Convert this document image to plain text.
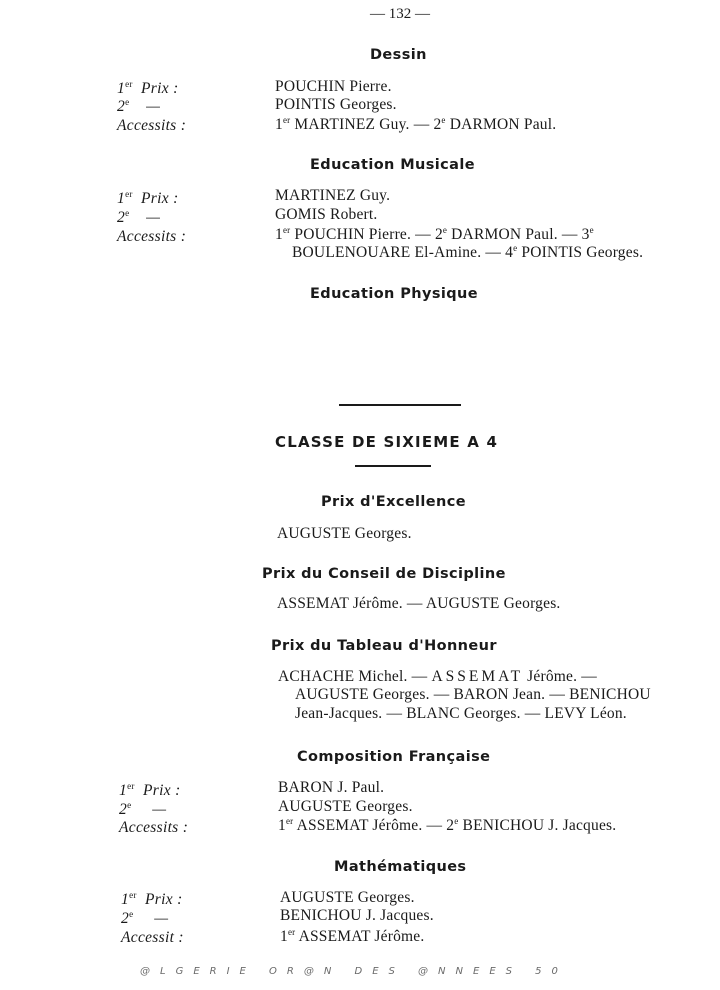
— 132 —
Dessin
1er Prix :
2e —
Accessits :
POUCHIN Pierre.
POINTIS Georges.
1er MARTINEZ Guy. — 2e DARMON Paul.
Education Musicale
1er Prix :
2e —
Accessits :
MARTINEZ Guy.
GOMIS Robert.
1er POUCHIN Pierre. — 2e DARMON Paul. — 3e
BOULENOUARE El-Amine. — 4e POINTIS Georges.
Education Physique
CLASSE DE SIXIEME A 4
Prix d'Excellence
AUGUSTE Georges.
Prix du Conseil de Discipline
ASSEMAT Jérôme. — AUGUSTE Georges.
Prix du Tableau d'Honneur
ACHACHE Michel. — ASSEMAT Jérôme. —
AUGUSTE Georges. — BARON Jean. — BENICHOU
Jean-Jacques. — BLANC Georges. — LEVY Léon.
Composition Française
1er Prix :
2e —
Accessits :
BARON J. Paul.
AUGUSTE Georges.
1er ASSEMAT Jérôme. — 2e BENICHOU J. Jacques.
Mathématiques
1er Prix :
2e —
Accessit :
AUGUSTE Georges.
BENICHOU J. Jacques.
1er ASSEMAT Jérôme.
@LGERIE OR@N DES @NNEES 50
